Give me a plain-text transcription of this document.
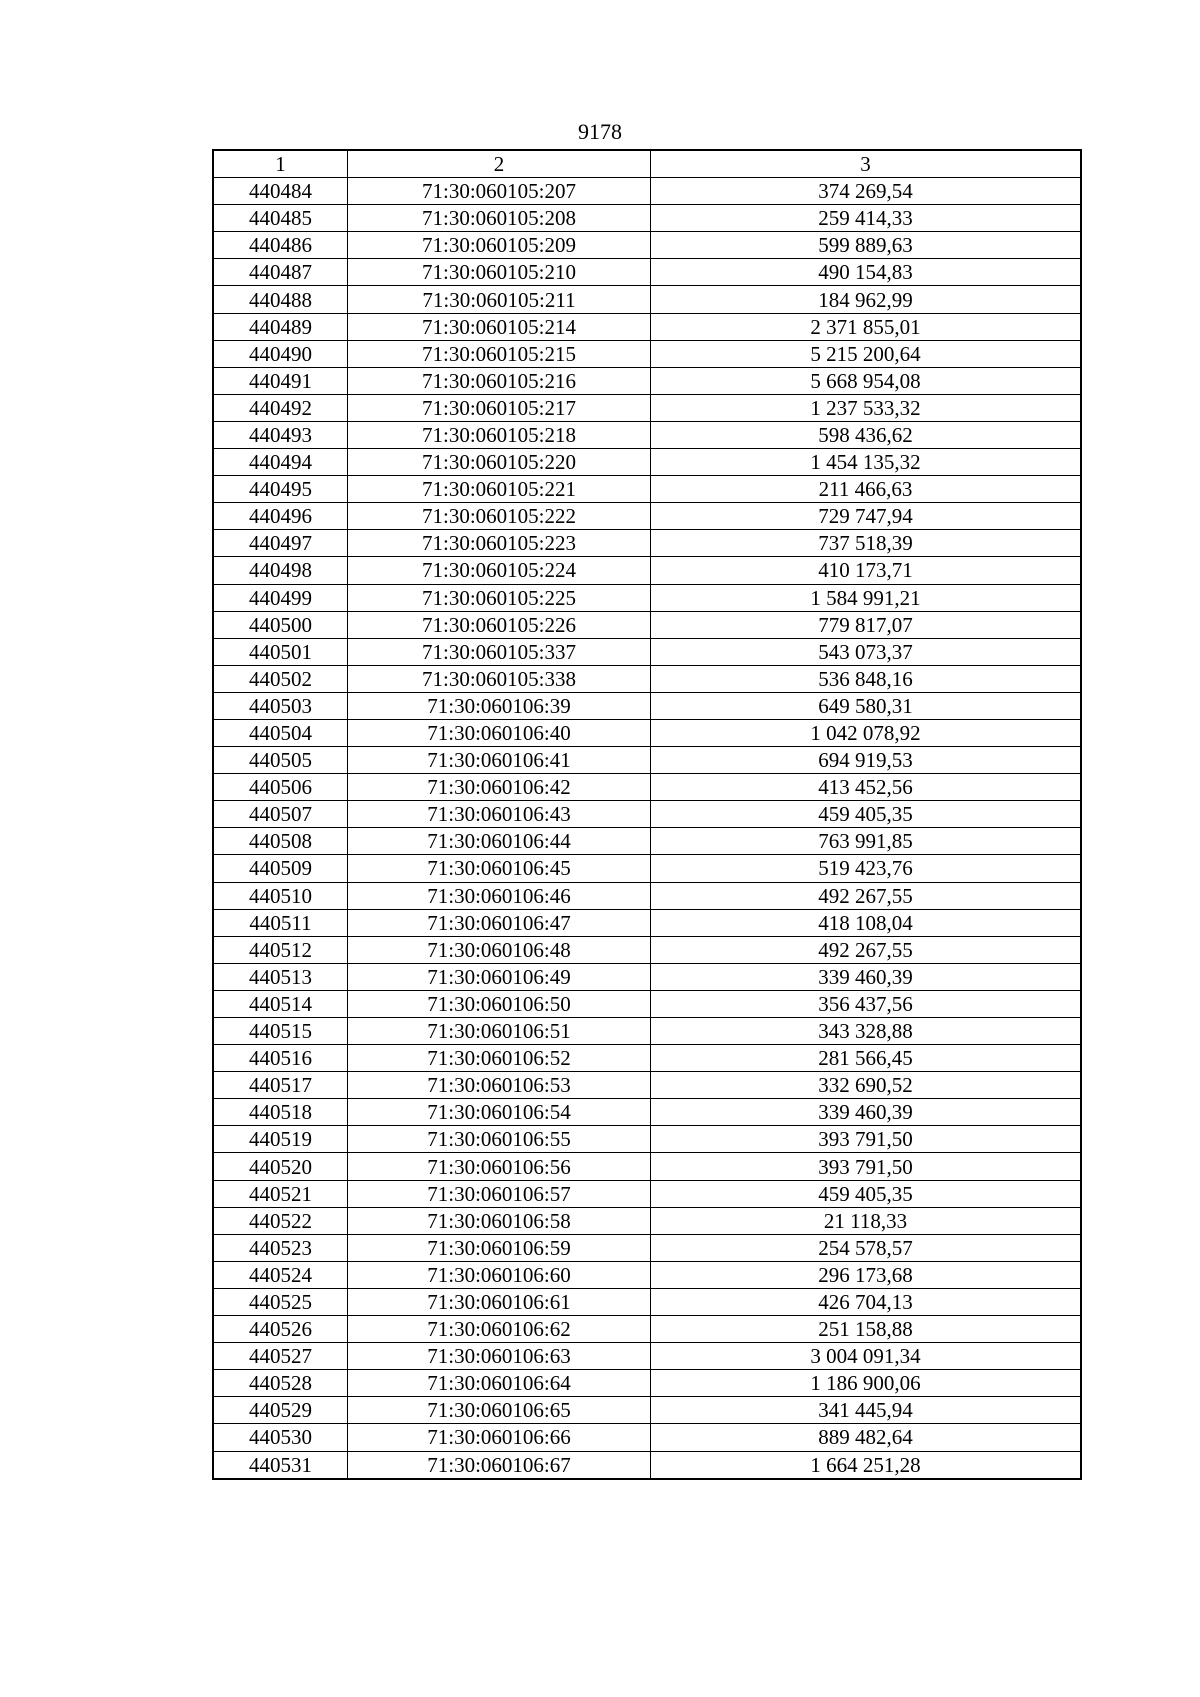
9178
1	2	3
440484	71:30:060105:207	374 269,54
440485	71:30:060105:208	259 414,33
440486	71:30:060105:209	599 889,63
440487	71:30:060105:210	490 154,83
440488	71:30:060105:211	184 962,99
440489	71:30:060105:214	2 371 855,01
440490	71:30:060105:215	5 215 200,64
440491	71:30:060105:216	5 668 954,08
440492	71:30:060105:217	1 237 533,32
440493	71:30:060105:218	598 436,62
440494	71:30:060105:220	1 454 135,32
440495	71:30:060105:221	211 466,63
440496	71:30:060105:222	729 747,94
440497	71:30:060105:223	737 518,39
440498	71:30:060105:224	410 173,71
440499	71:30:060105:225	1 584 991,21
440500	71:30:060105:226	779 817,07
440501	71:30:060105:337	543 073,37
440502	71:30:060105:338	536 848,16
440503	71:30:060106:39	649 580,31
440504	71:30:060106:40	1 042 078,92
440505	71:30:060106:41	694 919,53
440506	71:30:060106:42	413 452,56
440507	71:30:060106:43	459 405,35
440508	71:30:060106:44	763 991,85
440509	71:30:060106:45	519 423,76
440510	71:30:060106:46	492 267,55
440511	71:30:060106:47	418 108,04
440512	71:30:060106:48	492 267,55
440513	71:30:060106:49	339 460,39
440514	71:30:060106:50	356 437,56
440515	71:30:060106:51	343 328,88
440516	71:30:060106:52	281 566,45
440517	71:30:060106:53	332 690,52
440518	71:30:060106:54	339 460,39
440519	71:30:060106:55	393 791,50
440520	71:30:060106:56	393 791,50
440521	71:30:060106:57	459 405,35
440522	71:30:060106:58	21 118,33
440523	71:30:060106:59	254 578,57
440524	71:30:060106:60	296 173,68
440525	71:30:060106:61	426 704,13
440526	71:30:060106:62	251 158,88
440527	71:30:060106:63	3 004 091,34
440528	71:30:060106:64	1 186 900,06
440529	71:30:060106:65	341 445,94
440530	71:30:060106:66	889 482,64
440531	71:30:060106:67	1 664 251,28
